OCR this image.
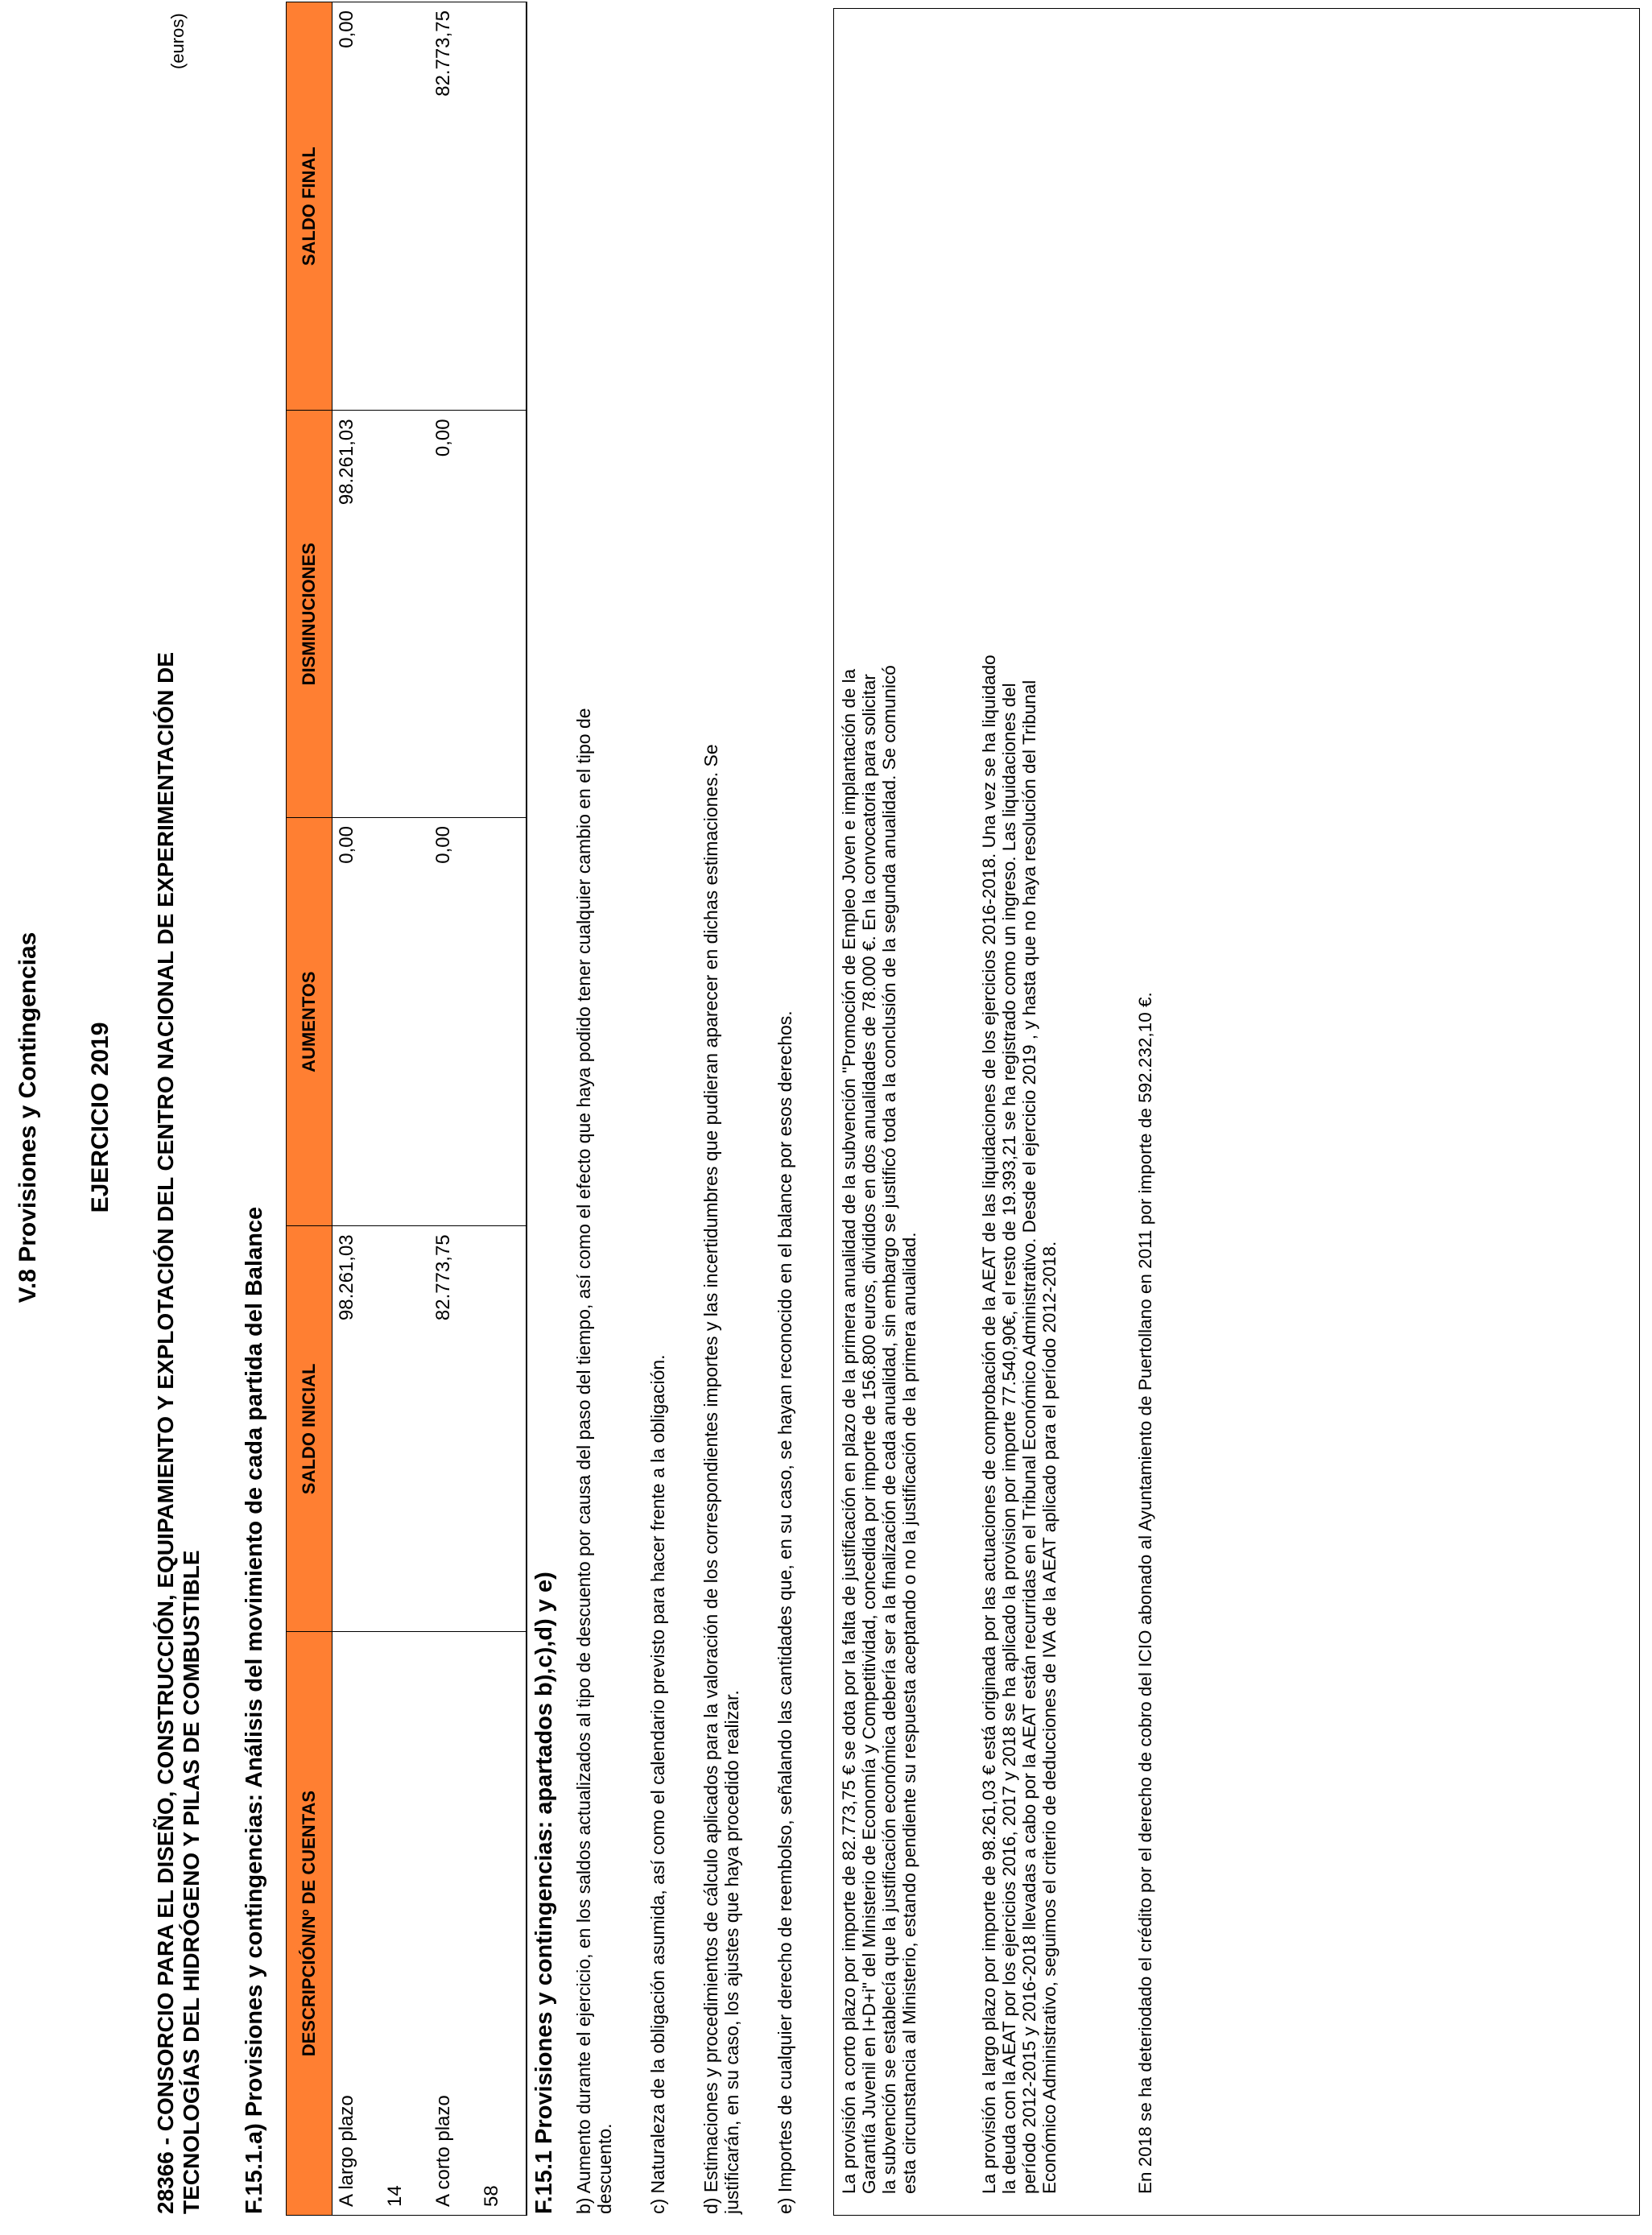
V.8 Provisiones y Contingencias EJERCICIO 2019 28366 - CONSORCIO PARA EL DISEÑO, CONSTRUCCIÓN, EQUIPAMIENTO Y EXPLOTACIÓN DEL CENTRO NACIONAL DE EXPERIMENTACIÓN DE TECNOLOGÍAS DEL HIDRÓGENO Y PILAS DE COMBUSTIBLE
(euros)
F.15.1.a) Provisiones y contingencias: Análisis del movimiento de cada partida del Balance DESCRIPCIÓN/Nº DE CUENTAS	SALDO INICIAL	AUMENTOS	DISMINUCIONES	SALDO FINAL
A largo plazo	98.261,03	0,00	98.261,03	0,00
14				
A corto plazo	82.773,75	0,00	0,00	82.773,75
58				F.15.1 Provisiones y contingencias: apartados b),c),d) y e) b) Aumento durante el ejercicio, en los saldos actualizados al tipo de descuento por causa del paso del tiempo, así como el efecto que haya podido tener cualquier cambio en el tipo de descuento. c) Naturaleza de la obligación asumida, así como el calendario previsto para hacer frente a la obligación. d) Estimaciones y procedimientos de cálculo aplicados para la valoración de los correspondientes importes y las incertidumbres que pudieran aparecer en dichas estimaciones. Se justificarán, en su caso, los ajustes que haya procedido realizar. e) Importes de cualquier derecho de reembolso, señalando las cantidades que, en su caso, se hayan reconocido en el balance por esos derechos. La provisión a corto plazo por importe de 82.773,75 € se dota por la falta de justificación en plazo de la primera anualidad de la subvención "Promoción de Empleo Joven e implantación de la Garantía Juvenil en I+D+i" del Ministerio de Economía y Competitividad, concedida por importe de 156.800 euros, divididos en dos anualidades de 78.000 €. En la convocatoria para solicitar la subvención se establecía que la justificación económica debería ser a la finalización de cada anualidad, sin embargo se justificó toda a la conclusión de la segunda anualidad. Se comunicó esta circunstancia al Ministerio, estando pendiente su respuesta aceptando o no la justificación de la primera anualidad.	La provisión a largo plazo por importe de 98.261,03 € está originada por las actuaciones de comprobación de la AEAT de las liquidaciones de los ejercicios 2016-2018. Una vez se ha liquidado la deuda con la AEAT por los ejercicios 2016, 2017 y 2018 se ha aplicado la provision por importe 77.540,90€, el resto de 19.393,21 se ha registrado como un ingreso. Las liquidaciones del período 2012-2015 y 2016-2018 llevadas a cabo por la AEAT están recurridas en el Tribunal Económico Administrativo. Desde el ejercicio 2019 , y hasta que no haya resolución del Tribunal Económico Administrativo, seguimos el criterio de deducciones de IVA de la AEAT aplicado para el período 2012-2018.	En 2018 se ha deteriodado el crédito por el derecho de cobro del ICIO abonado al Ayuntamiento de Puertollano en 2011 por importe de 592.232,10 €.
